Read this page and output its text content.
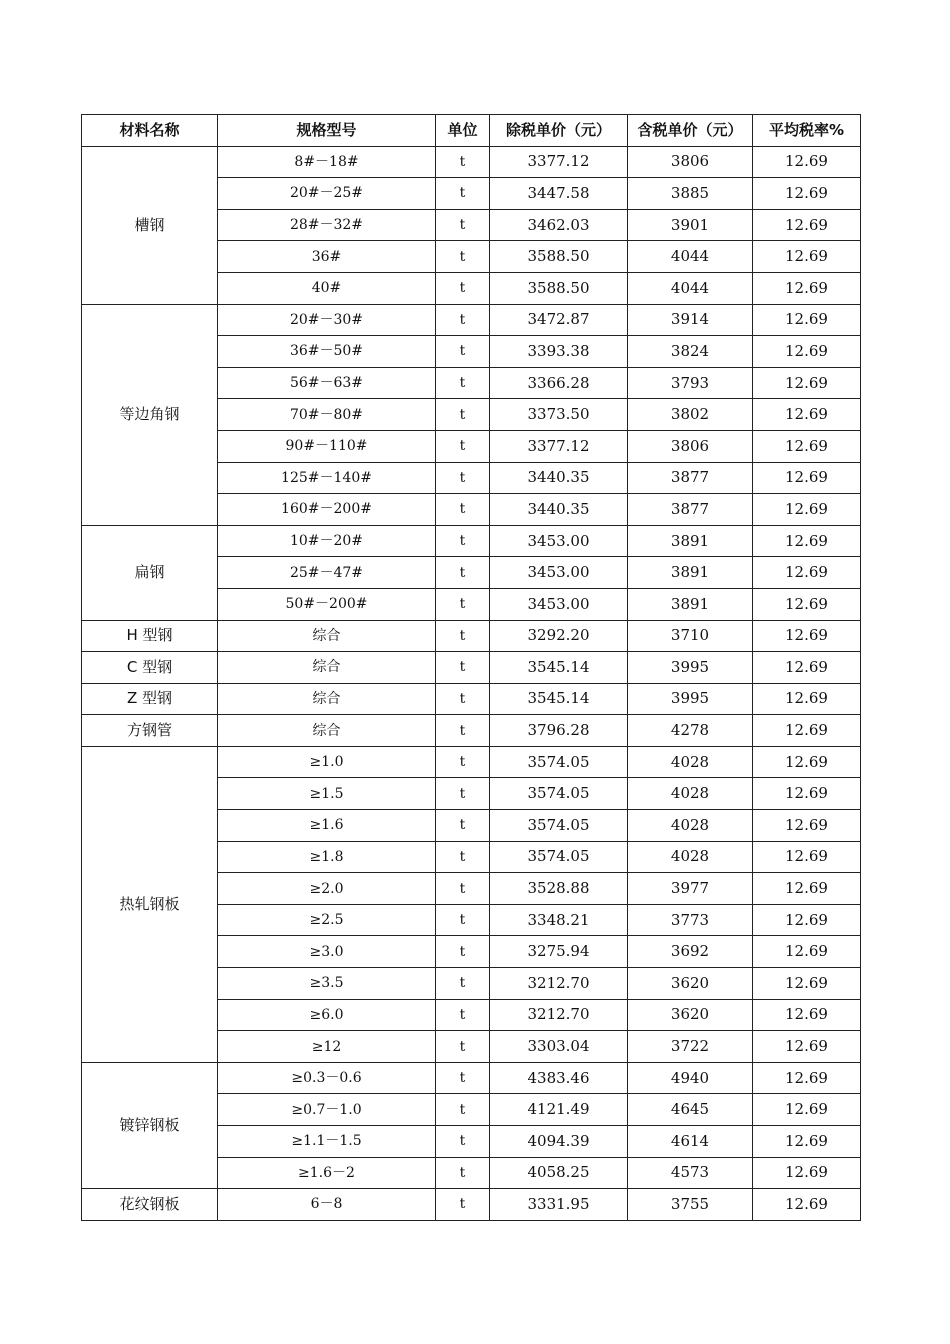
材料名称	规格型号	单位	除税单价（元）	含税单价（元）	平均税率%
槽钢	8#－18#	t	3377.12	3806	12.69
	20#－25#	t	3447.58	3885	12.69
	28#－32#	t	3462.03	3901	12.69
	36#	t	3588.50	4044	12.69
	40#	t	3588.50	4044	12.69
等边角钢	20#－30#	t	3472.87	3914	12.69
	36#－50#	t	3393.38	3824	12.69
	56#－63#	t	3366.28	3793	12.69
	70#－80#	t	3373.50	3802	12.69
	90#－110#	t	3377.12	3806	12.69
	125#－140#	t	3440.35	3877	12.69
	160#－200#	t	3440.35	3877	12.69
扁钢	10#－20#	t	3453.00	3891	12.69
	25#－47#	t	3453.00	3891	12.69
	50#－200#	t	3453.00	3891	12.69
H 型钢	综合	t	3292.20	3710	12.69
C 型钢	综合	t	3545.14	3995	12.69
Z 型钢	综合	t	3545.14	3995	12.69
方钢管	综合	t	3796.28	4278	12.69
热轧钢板	≥1.0	t	3574.05	4028	12.69
	≥1.5	t	3574.05	4028	12.69
	≥1.6	t	3574.05	4028	12.69
	≥1.8	t	3574.05	4028	12.69
	≥2.0	t	3528.88	3977	12.69
	≥2.5	t	3348.21	3773	12.69
	≥3.0	t	3275.94	3692	12.69
	≥3.5	t	3212.70	3620	12.69
	≥6.0	t	3212.70	3620	12.69
	≥12	t	3303.04	3722	12.69
镀锌钢板	≥0.3－0.6	t	4383.46	4940	12.69
	≥0.7－1.0	t	4121.49	4645	12.69
	≥1.1－1.5	t	4094.39	4614	12.69
	≥1.6－2	t	4058.25	4573	12.69
花纹钢板	6－8	t	3331.95	3755	12.69
